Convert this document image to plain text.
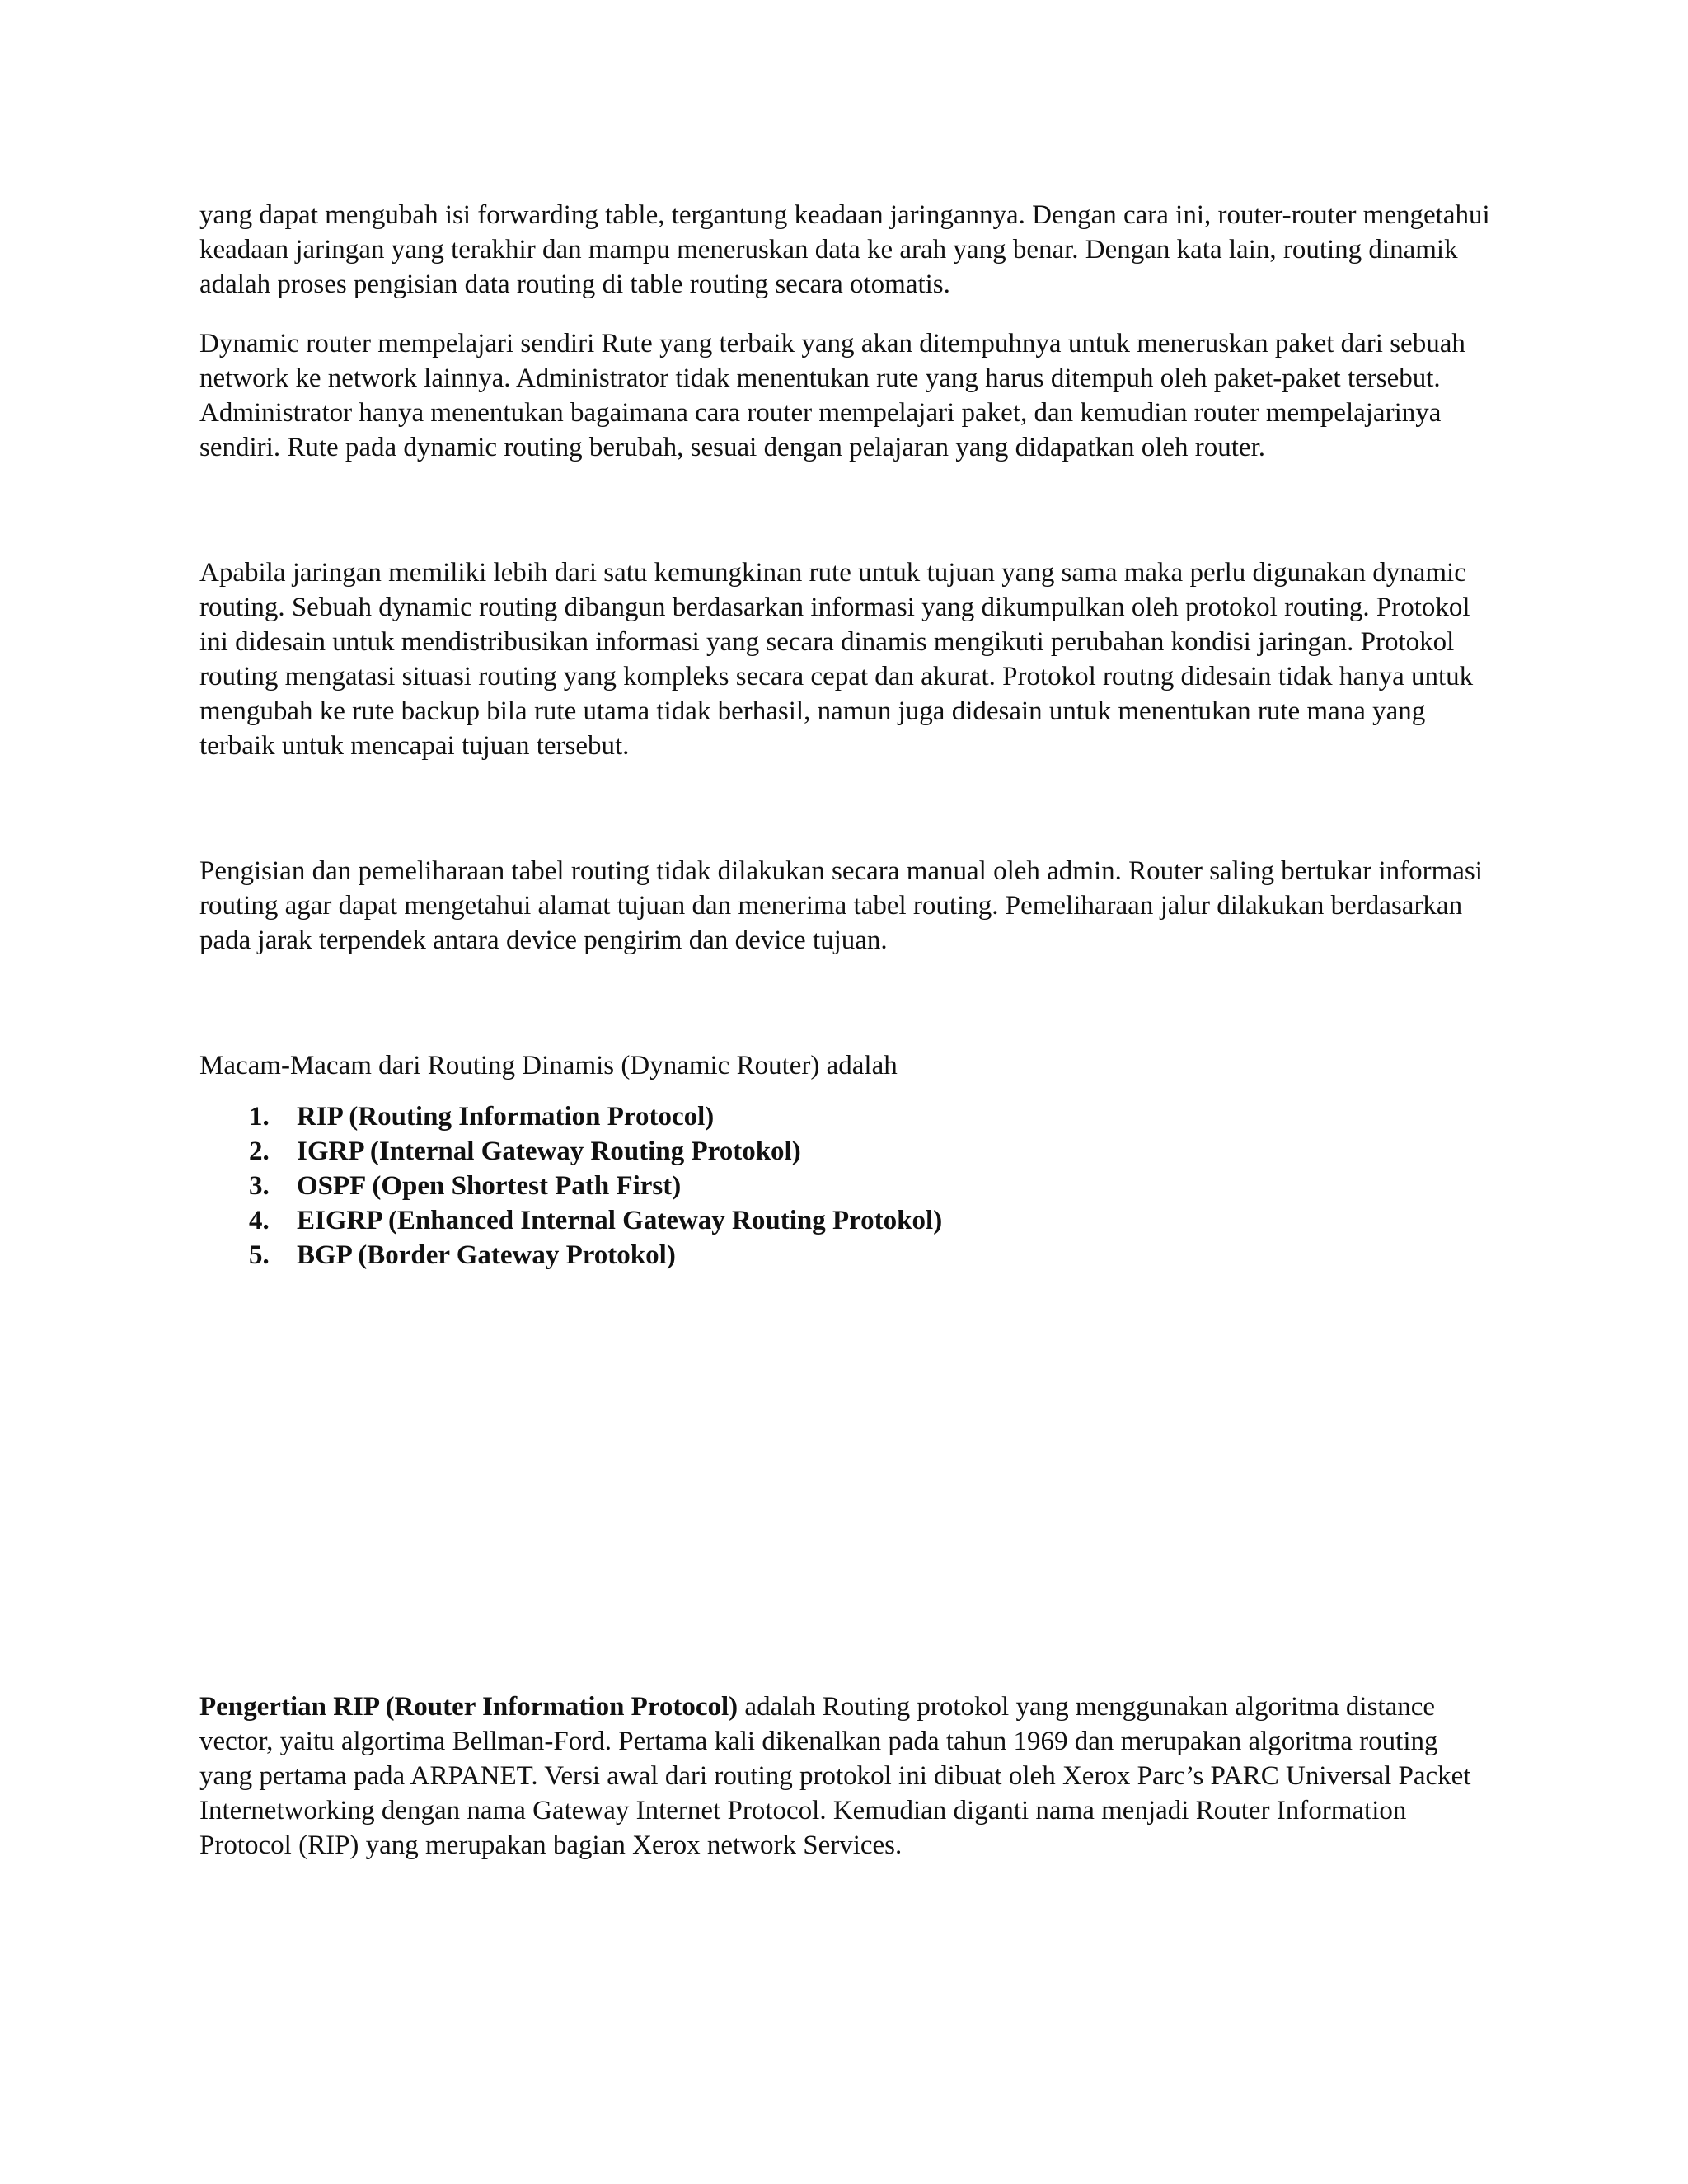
yang dapat mengubah isi forwarding table, tergantung keadaan jaringannya. Dengan cara ini, router-router mengetahui keadaan jaringan yang terakhir dan mampu meneruskan data ke arah yang benar. Dengan kata lain, routing dinamik adalah proses pengisian data routing di table routing secara otomatis.

Dynamic router mempelajari sendiri Rute yang terbaik yang akan ditempuhnya untuk meneruskan paket dari sebuah network ke network lainnya. Administrator tidak menentukan rute yang harus ditempuh oleh paket-paket tersebut. Administrator hanya menentukan bagaimana cara router mempelajari paket, dan kemudian router mempelajarinya sendiri. Rute pada dynamic routing berubah, sesuai dengan pelajaran yang didapatkan oleh router.

Apabila jaringan memiliki lebih dari satu kemungkinan rute untuk tujuan yang sama maka perlu digunakan dynamic routing. Sebuah dynamic routing dibangun berdasarkan informasi yang dikumpulkan oleh protokol routing. Protokol ini didesain untuk mendistribusikan informasi yang secara dinamis mengikuti perubahan kondisi jaringan. Protokol routing mengatasi situasi routing yang kompleks secara cepat dan akurat. Protokol routng didesain tidak hanya untuk mengubah ke rute backup bila rute utama tidak berhasil, namun juga didesain untuk menentukan rute mana yang terbaik untuk mencapai tujuan tersebut.

Pengisian dan pemeliharaan tabel routing tidak dilakukan secara manual oleh admin. Router saling bertukar informasi routing agar dapat mengetahui alamat tujuan dan menerima tabel routing. Pemeliharaan jalur dilakukan berdasarkan pada jarak terpendek antara device pengirim dan device tujuan.

Macam-Macam dari Routing Dinamis (Dynamic Router) adalah

1. RIP (Routing Information Protocol)
2. IGRP (Internal Gateway Routing Protokol)
3. OSPF (Open Shortest Path First)
4. EIGRP (Enhanced Internal Gateway Routing Protokol)
5. BGP (Border Gateway Protokol)

Pengertian RIP (Router Information Protocol) adalah Routing protokol yang menggunakan algoritma distance vector, yaitu algortima Bellman-Ford. Pertama kali dikenalkan pada tahun 1969 dan merupakan algoritma routing yang pertama pada ARPANET. Versi awal dari routing protokol ini dibuat oleh Xerox Parc’s PARC Universal Packet Internetworking dengan nama Gateway Internet Protocol. Kemudian diganti nama menjadi Router Information Protocol (RIP) yang merupakan bagian Xerox network Services.
